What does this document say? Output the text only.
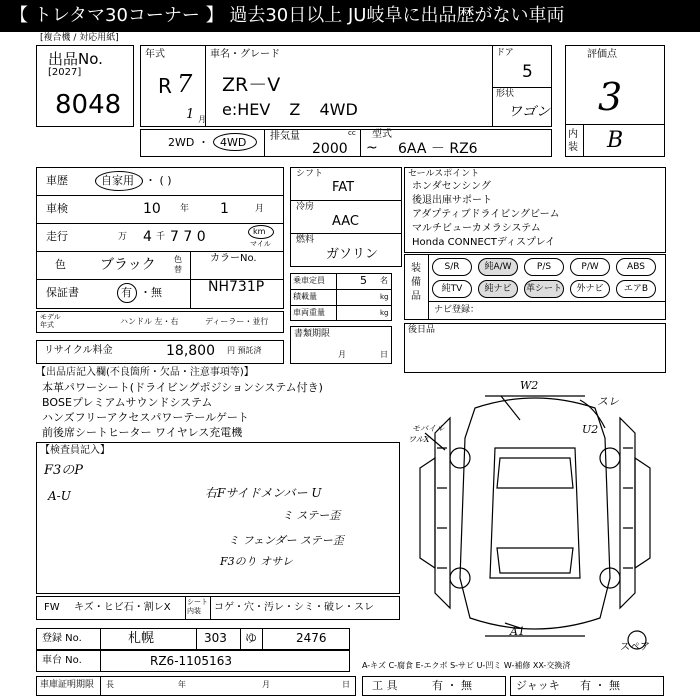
【 トレタマ30コーナー 】 過去30日以上 JU岐阜に出品歴がない車両
[複合機 / 対応用紙]
出品No.
[2027]
8048
年式
R 7
1 月
車名・グレード
ZR－V
e:HEV Z 4WD
ドア
5
形状
ワゴン
評価点
3
内装 B
2WD ・ 4WD 排気量	cc
2000
型式
~ 6AA － RZ6
車歴	自家用 ・ ( )
車検	10 年 1	月
走行	万 4 千 7 7 0	km
マイル
色 ブラック 色替
保証書	有 ・無
カラーNo.
NH731P
モデル年式	ハンドル 左・右	ディーラー・並行
リサイクル料金	18,800 円 預託済
シフト
FAT
冷房
AAC
燃料
ガソリン
乗車定員	5 名
積載量	kg
車両重量	kg
書類期限
月	日
セールスポイント
ホンダセンシング
後退出庫サポート
アダプティブドライビングビーム
マルチビューカメラシステム
Honda CONNECTディスプレイ
装備品
S/R	純A/W	P/S	P/W	ABS
純TV	純ナビ	革シート	外ナビ	エアB
ナビ登録：
後日品
【出品店記入欄(不良箇所・欠品・注意事項等)】
本革パワーシート(ドライビングポジションシステム付き)
BOSEプレミアムサウンドシステム
ハンズフリーアクセスパワーテールゲート
前後席シートヒーター ワイヤレス充電機
【検査員記入】
F3のP
A-U	右Fサイドメンバー U
ミ ステー歪
ミ フェンダー ステー歪
F3のり オサレ
FW キズ・ヒビ石・割レX シート内装	コゲ・穴・汚レ・シミ・破レ・スレ
登録 No.	札幌	303 ゆ	2476
車台 No.	RZ6-1105163	A-キズ C-腐食 E-エクボ S-サビ U-凹ミ W-補修 XX-交換済
車庫証明期限 長	年	月	日 工 具	有 ・ 無	ジャッキ 有 ・ 無
W2
スレ
U2
モバイル
ワルX
A1
スペア
